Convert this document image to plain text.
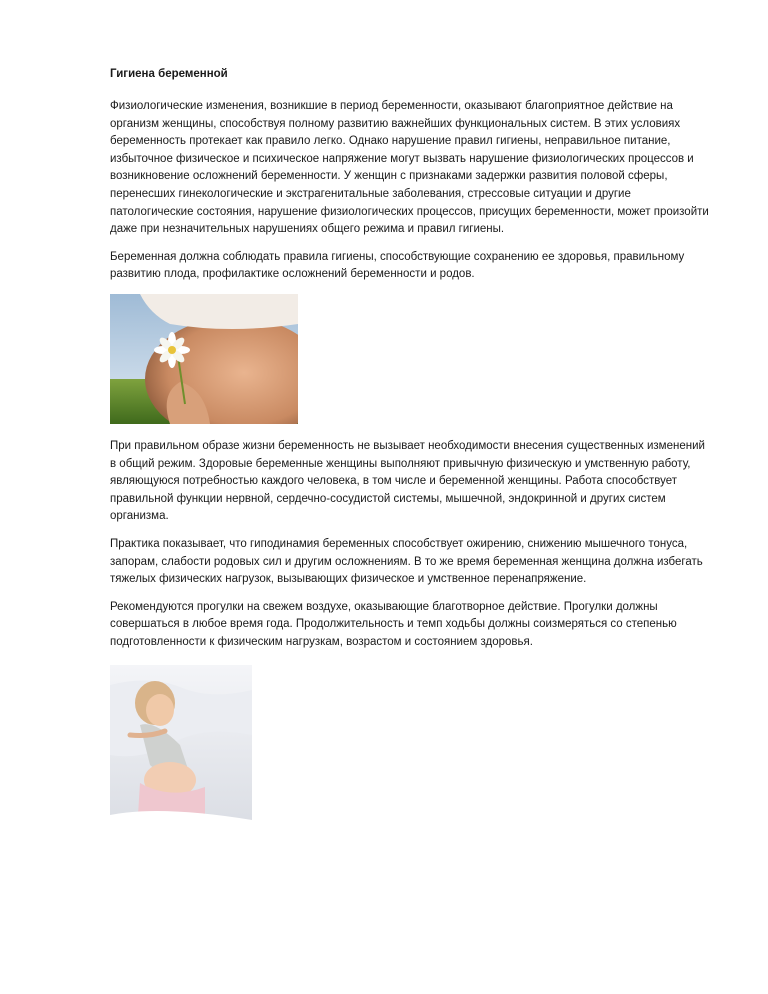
Гигиена беременной

Физиологические изменения, возникшие в период беременности, оказывают благоприятное действие на организм женщины, способствуя полному развитию важнейших функциональных систем. В этих условиях беременность протекает как правило легко. Однако нарушение правил гигиены, неправильное питание, избыточное физическое и психическое напряжение могут вызвать нарушение физиологических процессов и возникновение осложнений беременности. У женщин с признаками задержки развития половой сферы, перенесших гинекологические и экстрагенитальные заболевания, стрессовые ситуации и другие патологические состояния, нарушение физиологических процессов, присущих беременности, может произойти даже при незначительных нарушениях общего режима и правил гигиены.

Беременная должна соблюдать правила гигиены, способствующие сохранению ее здоровья, правильному развитию плода, профилактике осложнений беременности и родов.

При правильном образе жизни беременность не вызывает необходимости внесения существенных изменений в общий режим. Здоровые беременные женщины выполняют привычную физическую и умственную работу, являющуюся потребностью каждого человека, в том числе и беременной женщины. Работа способствует правильной функции нервной, сердечно-сосудистой системы, мышечной, эндокринной и других систем организма.

Практика показывает, что гиподинамия беременных способствует ожирению, снижению мышечного тонуса, запорам, слабости родовых сил и другим осложнениям. В то же время беременная женщина должна избегать тяжелых физических нагрузок, вызывающих физическое и умственное перенапряжение.

Рекомендуются прогулки на свежем воздухе, оказывающие благотворное действие. Прогулки должны совершаться в любое время года. Продолжительность и темп ходьбы должны соизмеряться со степенью подготовленности к физическим нагрузкам, возрастом и состоянием здоровья.
